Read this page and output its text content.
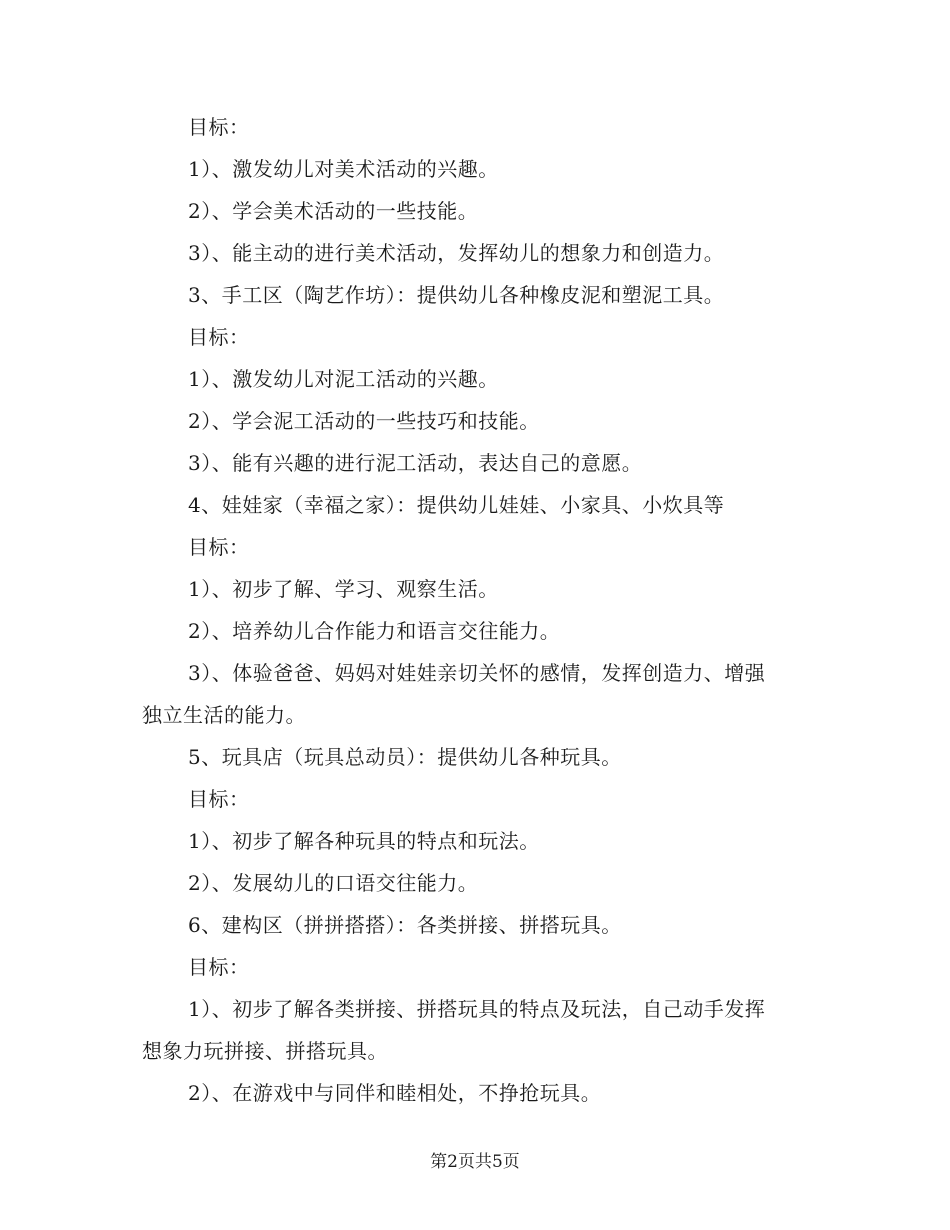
目标：
1）、激发幼儿对美术活动的兴趣。
2）、学会美术活动的一些技能。
3）、能主动的进行美术活动，发挥幼儿的想象力和创造力。
3、手工区（陶艺作坊）：提供幼儿各种橡皮泥和塑泥工具。
目标：
1）、激发幼儿对泥工活动的兴趣。
2）、学会泥工活动的一些技巧和技能。
3）、能有兴趣的进行泥工活动，表达自己的意愿。
4、娃娃家（幸福之家）：提供幼儿娃娃、小家具、小炊具等
目标：
1）、初步了解、学习、观察生活。
2）、培养幼儿合作能力和语言交往能力。
3）、体验爸爸、妈妈对娃娃亲切关怀的感情，发挥创造力、增强
独立生活的能力。
5、玩具店（玩具总动员）：提供幼儿各种玩具。
目标：
1）、初步了解各种玩具的特点和玩法。
2）、发展幼儿的口语交往能力。
6、建构区（拼拼搭搭）：各类拼接、拼搭玩具。
目标：
1）、初步了解各类拼接、拼搭玩具的特点及玩法，自己动手发挥
想象力玩拼接、拼搭玩具。
2）、在游戏中与同伴和睦相处，不挣抢玩具。
第2页共5页
